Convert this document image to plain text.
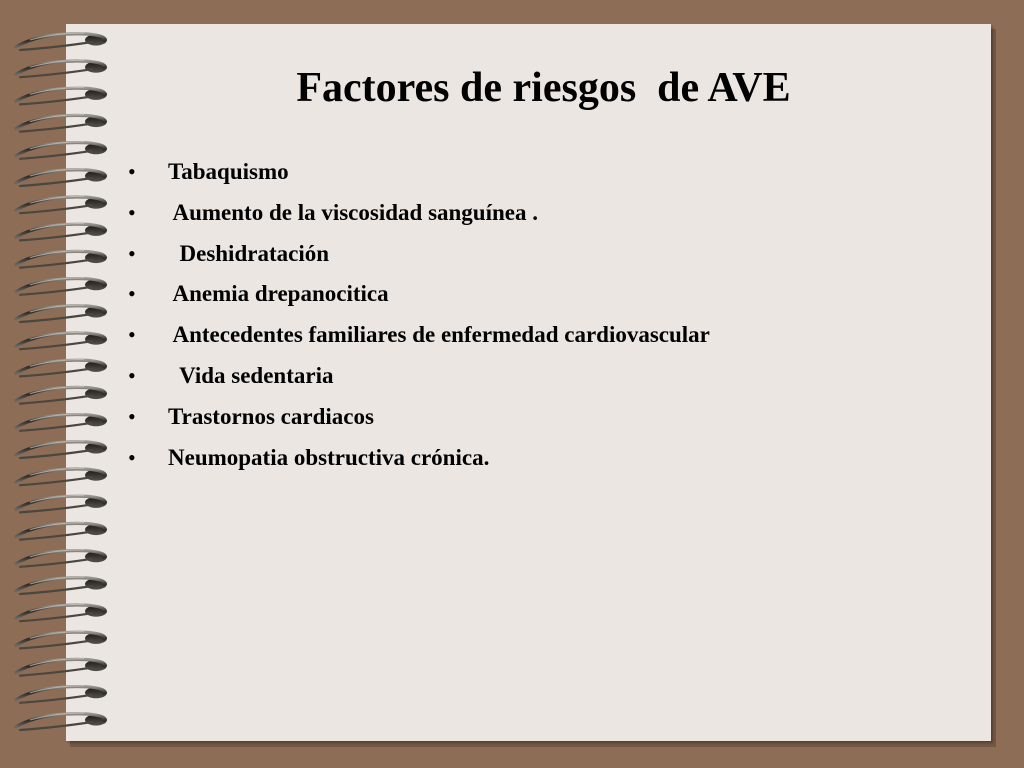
Factores de riesgos  de AVE

•

Tabaquismo

•

Aumento de la viscosidad sanguínea .

•

Deshidratación

•

Anemia drepanocitica

•

Antecedentes familiares de enfermedad cardiovascular

•

Vida sedentaria

•

Trastornos cardiacos

•

Neumopatia obstructiva crónica.
